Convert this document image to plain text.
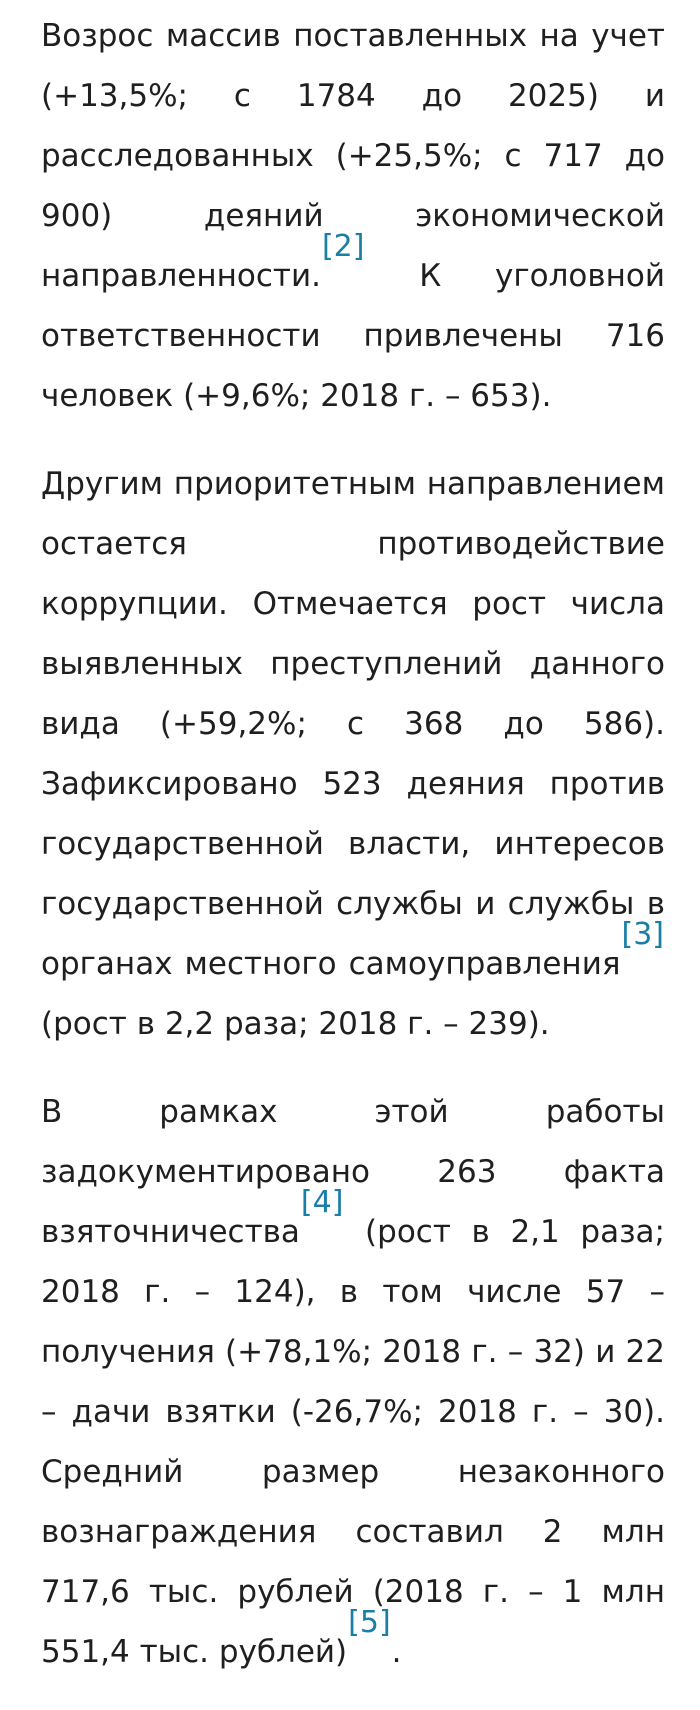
Возрос массив поставленных на учет (+13,5%; с 1784 до 2025) и расследованных (+25,5%; с 717 до 900) деяний экономической направленности.[2] К уголовной ответственности привлечены 716 человек (+9,6%; 2018 г. – 653).

Другим приоритетным направлением остается противодействие коррупции. Отмечается рост числа выявленных преступлений данного вида (+59,2%; с 368 до 586). Зафиксировано 523 деяния против государственной власти, интересов государственной службы и службы в органах местного самоуправления[3] (рост в 2,2 раза; 2018 г. – 239).

В рамках этой работы задокументировано 263 факта взяточничества[4] (рост в 2,1 раза; 2018 г. – 124), в том числе 57 – получения (+78,1%; 2018 г. – 32) и 22 – дачи взятки (-26,7%; 2018 г. – 30). Средний размер незаконного вознаграждения составил 2 млн 717,6 тыс. рублей (2018 г. – 1 млн 551,4 тыс. рублей)[5].
